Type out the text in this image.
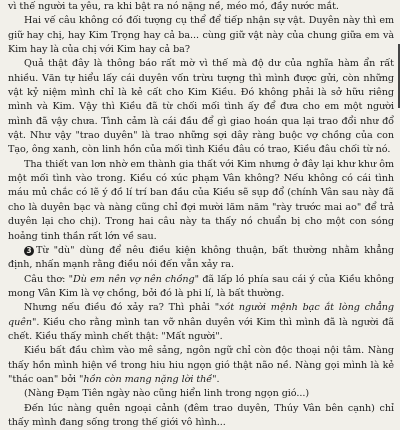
vì thế người ta yêu, ra khi bật ra nó nặng nề, méo mó, đầy nước mắt.

Hai vế câu không có đối tượng cụ thể để tiếp nhận sự vật. Duyên này thì em giữ hay chị, hay Kim Trọng hay cả ba... cùng giữ vật này của chung giữa em và Kim hay là của chị với Kim hay cả ba?

Quả thật đây là thông báo rất mờ vì thế mà độ dư của nghĩa hàm ẩn rất nhiều. Văn tự hiểu lấy cái duyên vốn trừu tượng thì mình được gửi, còn những vật kỷ niệm mình chỉ là kẻ cất cho Kim Kiều. Đó không phải là sở hữu riêng mình và Kim. Vậy thì Kiều đã từ chối mối tình ấy để đưa cho em một người mình đã vậy chưa. Tình cảm là cái đầu để gì giao hoán qua lại trao đổi như đổ vật. Như vậy "trao duyên" là trao những sợi dây ràng buộc vợ chồng của con Tạo, ông xanh, còn linh hồn của mối tình Kiều đâu có trao, Kiều đâu chối từ nó.

Tha thiết van lơn nhờ em thành gia thất với Kim nhưng ở đây lại khư khư ôm một mối tình vào trong. Kiều có xúc phạm Vân không? Nếu không có cái tình máu mủ chắc có lẽ ý đồ lí trí ban đầu của Kiều sẽ sụp đổ (chính Vân sau này đã cho là duyên bạc và nàng cũng chỉ đợi mười lăm năm "rày trước mai ao" để trả duyên lại cho chị). Trong hai câu này ta thấy nó chuẩn bị cho một con sóng hoảng tinh thần rất lớn về sau.

3 Từ "dù" dùng để nêu điều kiện không thuận, bất thường nhằm khẳng định, nhấn mạnh rằng điều nói đến vẫn xảy ra.

Câu thơ: "Dù em nên vợ nên chồng" đã lấp ló phía sau cái ý của Kiều không mong Vân Kim là vợ chồng, bởi đó là phi lí, là bất thường.

Nhưng nếu điều đó xảy ra? Thì phải "xót người mệnh bạc ắt lòng chẳng quên". Kiều cho rằng mình tan vỡ nhân duyên với Kim thì mình đã là người đã chết. Kiều thấy mình chết thật: "Mất người".

Kiều bất đầu chìm vào mê sảng, ngôn ngữ chỉ còn độc thoại nội tâm. Nàng thấy hồn mình hiện về trong hiu hiu ngọn gió thật não nề. Nàng gọi mình là kẻ "thác oan" bởi "hồn còn mang nặng lời thề".

(Nàng Đạm Tiên ngày nào cũng hiển linh trong ngọn gió...)

Đến lúc nàng quên ngoại cảnh (đêm trao duyên, Thúy Vân bên cạnh) chỉ thấy mình đang sống trong thế giới vô hình...
